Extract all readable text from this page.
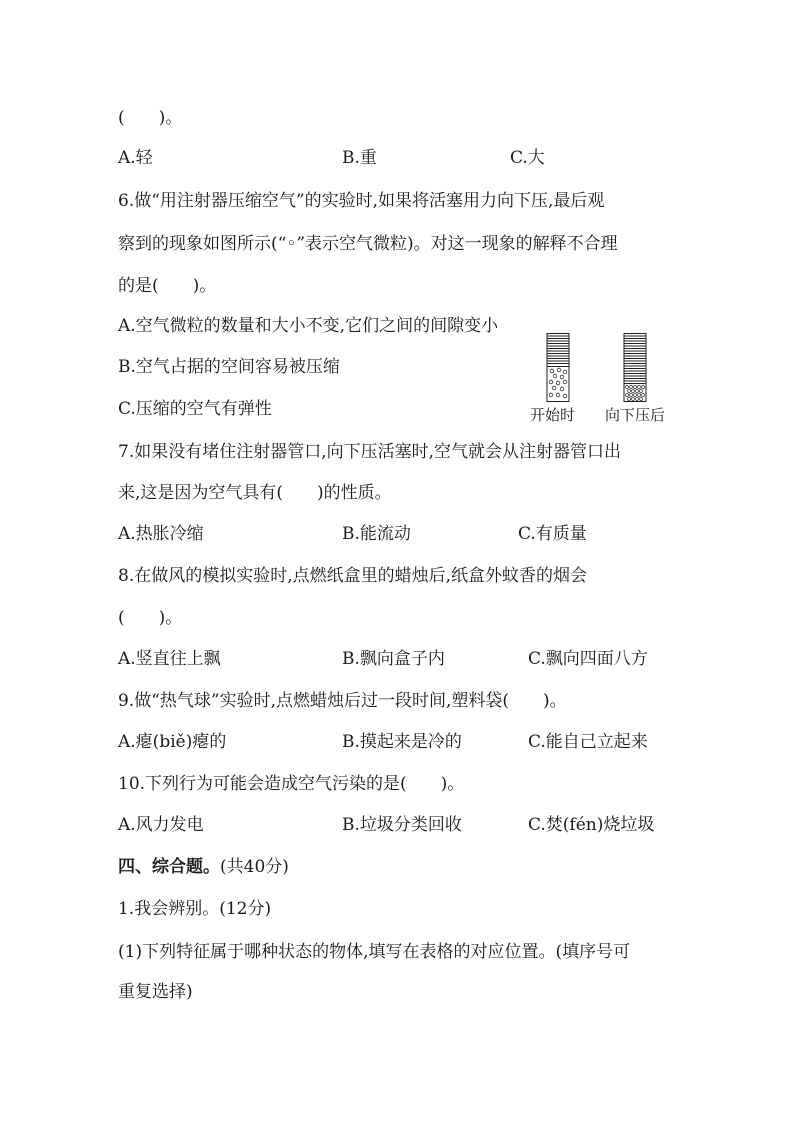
(　　)。
A.轻	B.重	C.大
6.做“用注射器压缩空气”的实验时,如果将活塞用力向下压,最后观
察到的现象如图所示(“◦”表示空气微粒)。对这一现象的解释不合理
的是(　　)。
A.空气微粒的数量和大小不变,它们之间的间隙变小
B.空气占据的空间容易被压缩
C.压缩的空气有弹性	开始时 向下压后
7.如果没有堵住注射器管口,向下压活塞时,空气就会从注射器管口出
来,这是因为空气具有(　　)的性质。
A.热胀冷缩	B.能流动	C.有质量
8.在做风的模拟实验时,点燃纸盒里的蜡烛后,纸盒外蚊香的烟会
(　　)。
A.竖直往上飘	B.飘向盒子内	C.飘向四面八方
9.做“热气球”实验时,点燃蜡烛后过一段时间,塑料袋(　　)。
A.瘪(biě)瘪的	B.摸起来是冷的	C.能自己立起来
10.下列行为可能会造成空气污染的是(　　)。
A.风力发电	B.垃圾分类回收	C.焚(fén)烧垃圾
四、综合题。(共40分)
1.我会辨别。(12分)
(1)下列特征属于哪种状态的物体,填写在表格的对应位置。(填序号可
重复选择)
